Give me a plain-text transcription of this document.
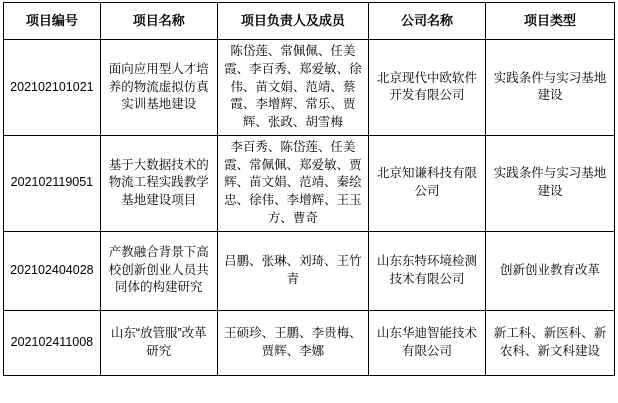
项目编号	项目名称	项目负责人及成员	公司名称	项目类型
202102101021	面向应用型人才培养的物流虚拟仿真实训基地建设	陈岱莲、常佩佩、任美霞、李百秀、郑爱敏、徐伟、苗文娟、范靖、蔡霞、李增辉、常乐、贾辉、张政、胡雪梅	北京现代中欧软件开发有限公司	实践条件与实习基地建设
202102119051	基于大数据技术的物流工程实践教学基地建设项目	李百秀、陈岱莲、任美霞、常佩佩、郑爱敏、贾辉、苗文娟、范靖、秦绘忠、徐伟、李增辉、王玉方、曹奇	北京知谦科技有限公司	实践条件与实习基地建设
202102404028	产教融合背景下高校创新创业人员共同体的构建研究	吕鹏、张琳、刘琦、王竹青	山东东特环境检测技术有限公司	创新创业教育改革
202102411008	山东“放管服”改革研究	王硕珍、王鹏、李贵梅、贾辉、李娜	山东华迪智能技术有限公司	新工科、新医科、新农科、新文科建设
